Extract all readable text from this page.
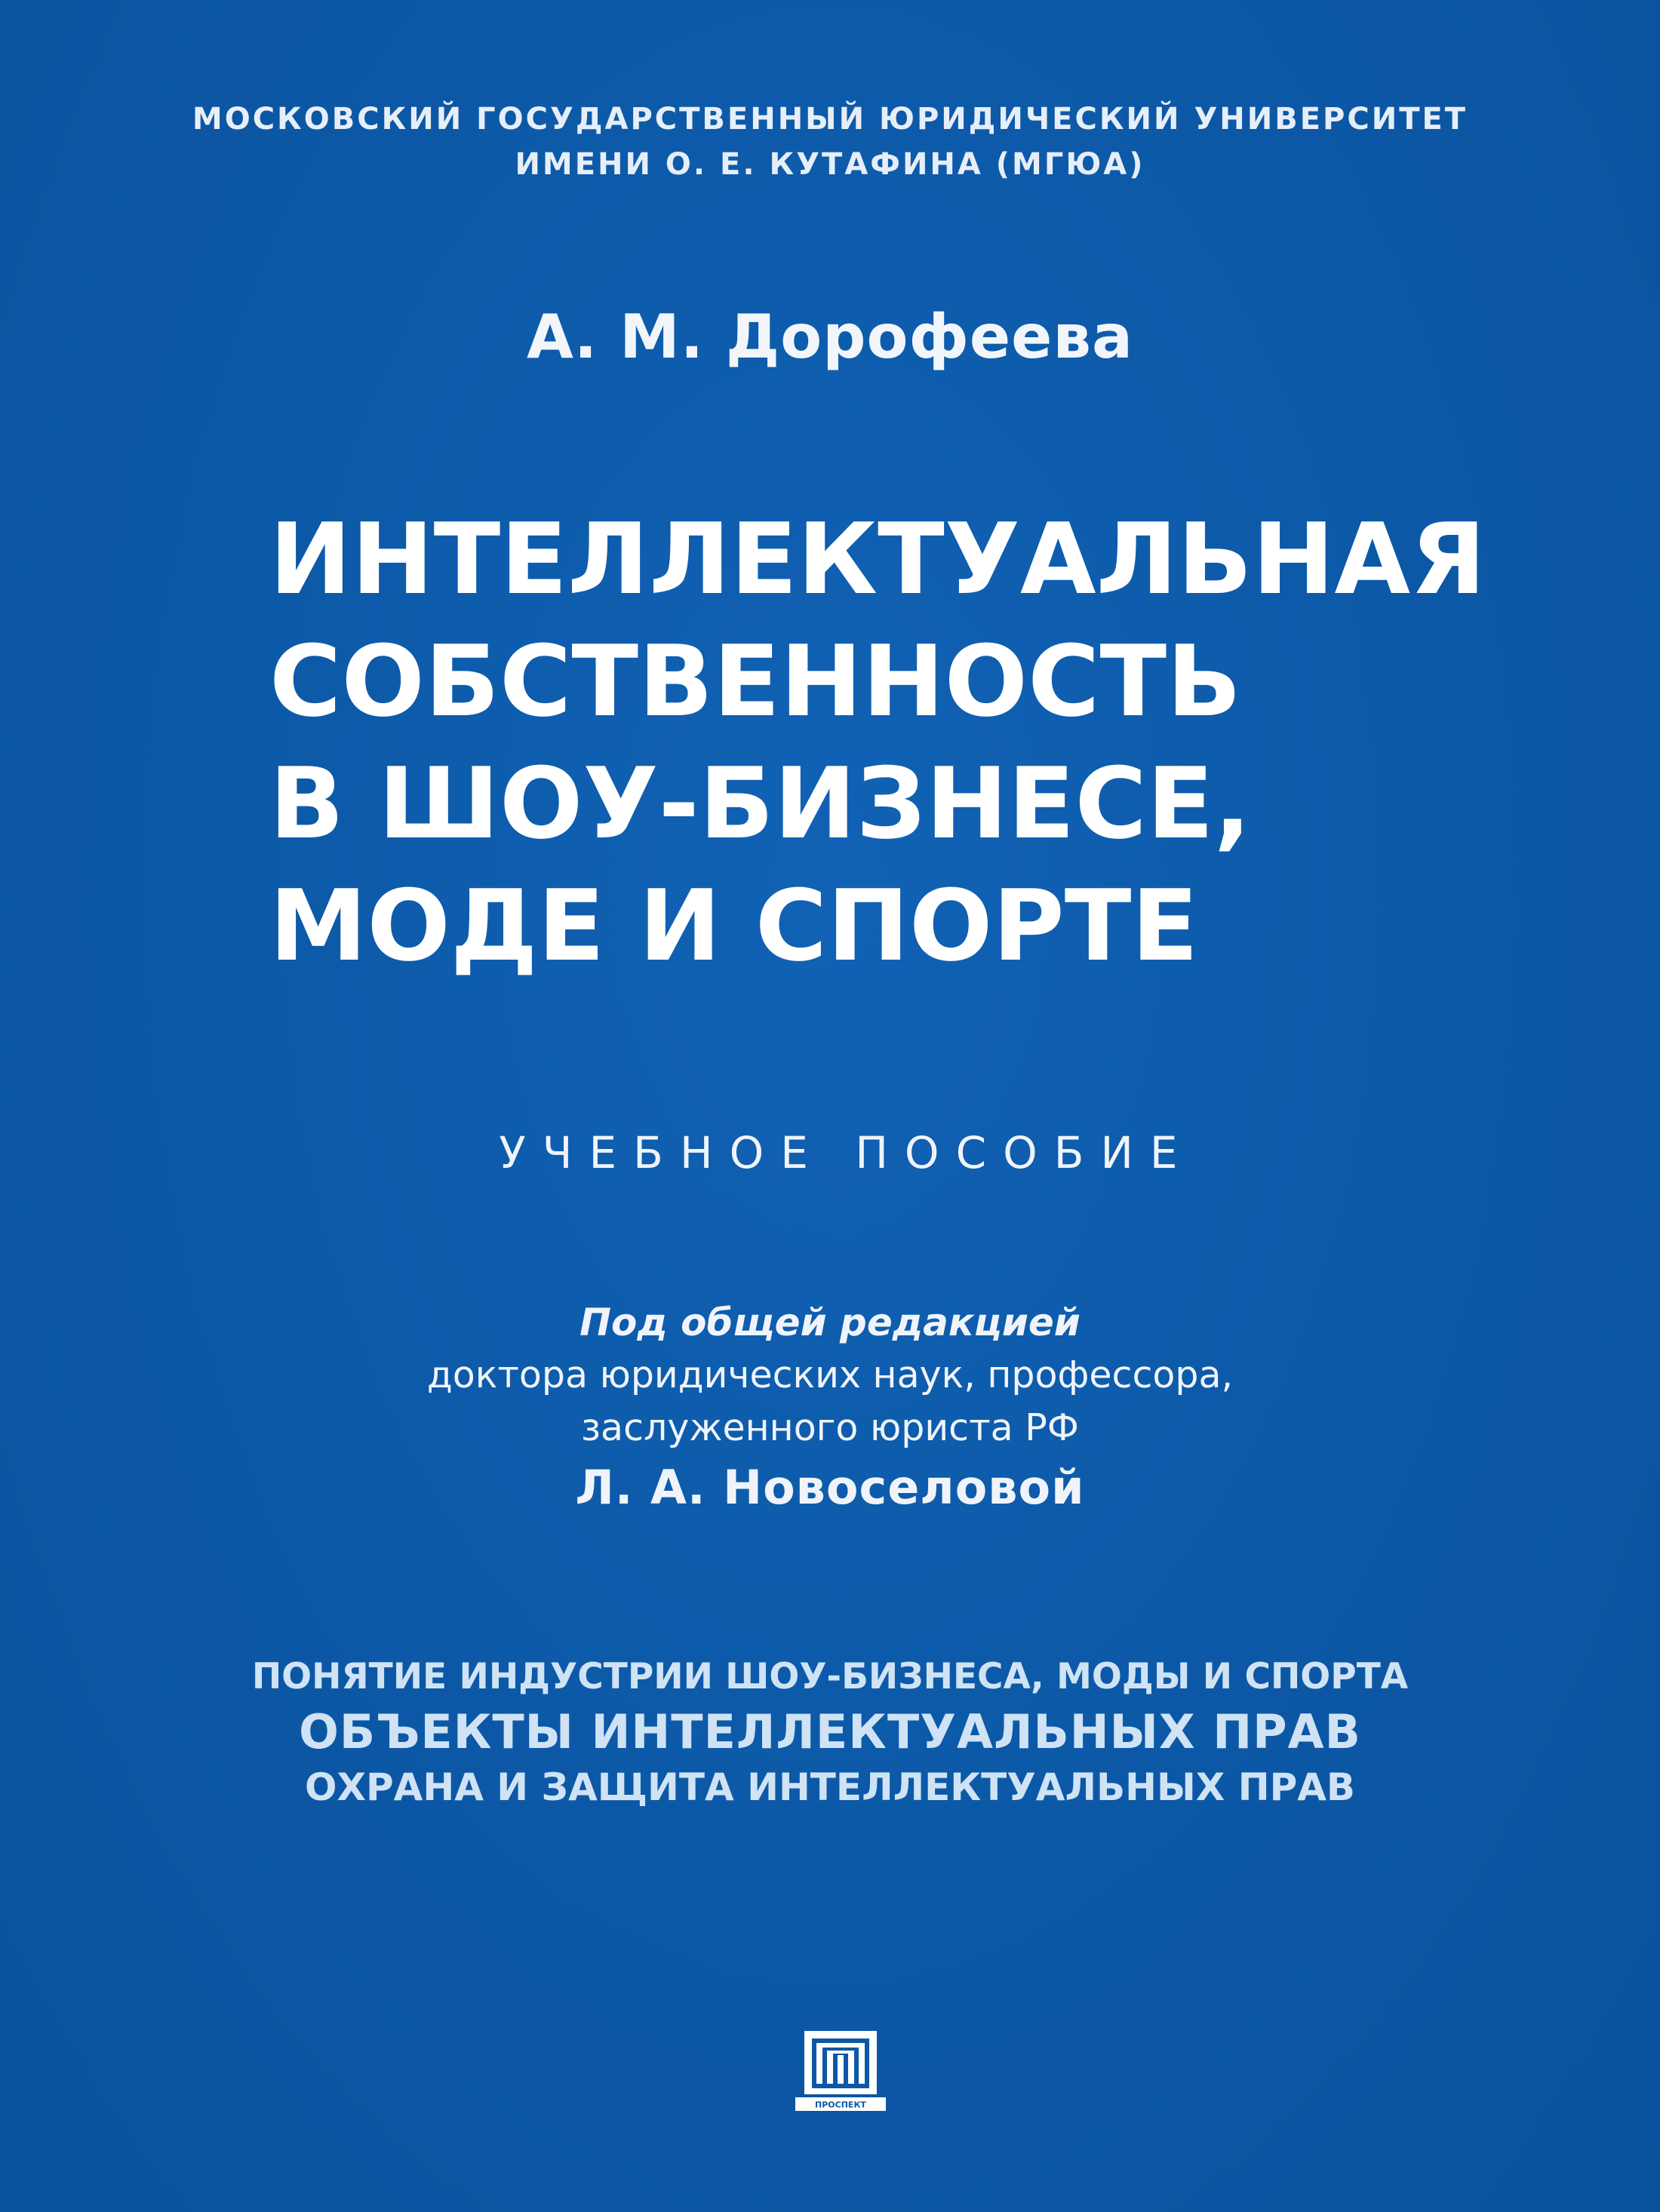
МОСКОВСКИЙ ГОСУДАРСТВЕННЫЙ ЮРИДИЧЕСКИЙ УНИВЕРСИТЕТ
ИМЕНИ О. Е. КУТАФИНА (МГЮА)
А. М. Дорофеева
ИНТЕЛЛЕКТУАЛЬНАЯ
СОБСТВЕННОСТЬ
В ШОУ-БИЗНЕСЕ,
МОДЕ И СПОРТЕ
УЧЕБНОЕ ПОСОБИЕ
Под общей редакцией
доктора юридических наук, профессора,
заслуженного юриста РФ
Л. А. Новоселовой
ПОНЯТИЕ ИНДУСТРИИ ШОУ-БИЗНЕСА, МОДЫ И СПОРТА
ОБЪЕКТЫ ИНТЕЛЛЕКТУАЛЬНЫХ ПРАВ
ОХРАНА И ЗАЩИТА ИНТЕЛЛЕКТУАЛЬНЫХ ПРАВ
ПРОСПЕКТ
